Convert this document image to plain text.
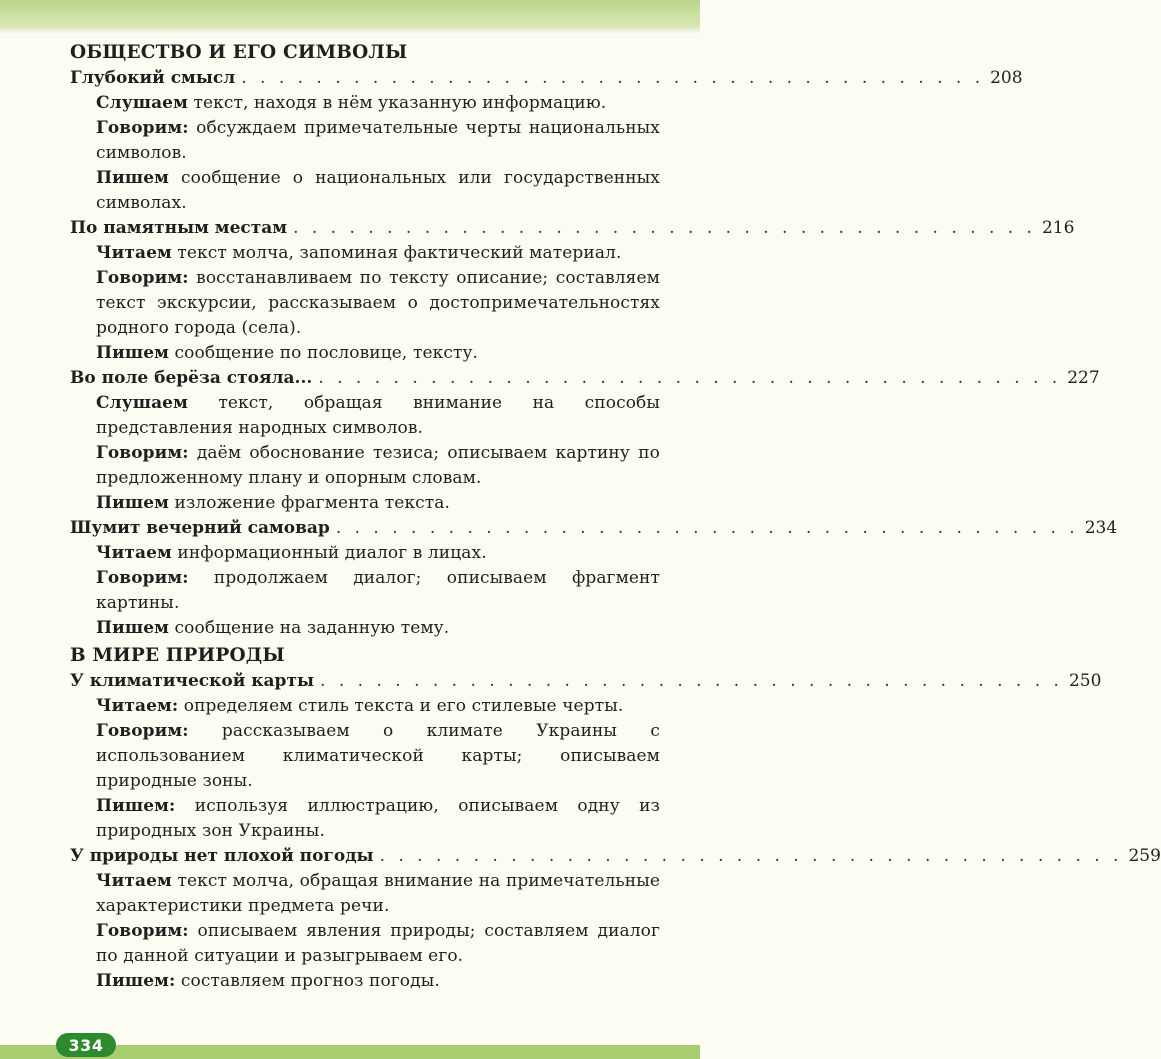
ОБЩЕСТВО И ЕГО СИМВОЛЫ
Глубокий смысл . . . . . . . . . . . . . . . . . . . . . . . . . . . . . . . . . . . . . . . . 208

Слушаем текст, находя в нём указанную информацию.

Говорим: обсуждаем примечательные черты национальных символов.

Пишем сообщение о национальных или государственных символах.

По памятным местам . . . . . . . . . . . . . . . . . . . . . . . . . . . . . . . . . . . . . . . . 216

Читаем текст молча, запоминая фактический материал.

Говорим: восстанавливаем по тексту описание; составляем текст экскурсии, рассказываем о достопримечательностях родного города (села).

Пишем сообщение по пословице, тексту.

Во поле берёза стояла... . . . . . . . . . . . . . . . . . . . . . . . . . . . . . . . . . . . . . . . . 227

Слушаем текст, обращая внимание на способы представления народных символов.

Говорим: даём обоснование тезиса; описываем картину по предложенному плану и опорным словам.

Пишем изложение фрагмента текста.

Шумит вечерний самовар . . . . . . . . . . . . . . . . . . . . . . . . . . . . . . . . . . . . . . . . 234

Читаем информационный диалог в лицах.

Говорим: продолжаем диалог; описываем фрагмент картины.

Пишем сообщение на заданную тему.

В МИРЕ ПРИРОДЫ
У климатической карты . . . . . . . . . . . . . . . . . . . . . . . . . . . . . . . . . . . . . . . . 250

Читаем: определяем стиль текста и его стилевые черты.

Говорим: рассказываем о климате Украины с использованием климатической карты; описываем природные зоны.

Пишем: используя иллюстрацию, описываем одну из природных зон Украины.

У природы нет плохой погоды . . . . . . . . . . . . . . . . . . . . . . . . . . . . . . . . . . . . . . . . 259

Читаем текст молча, обращая внимание на примечательные характеристики предмета речи.

Говорим: описываем явления природы; составляем диалог по данной ситуации и разыгрываем его.

Пишем: составляем прогноз погоды.

334
